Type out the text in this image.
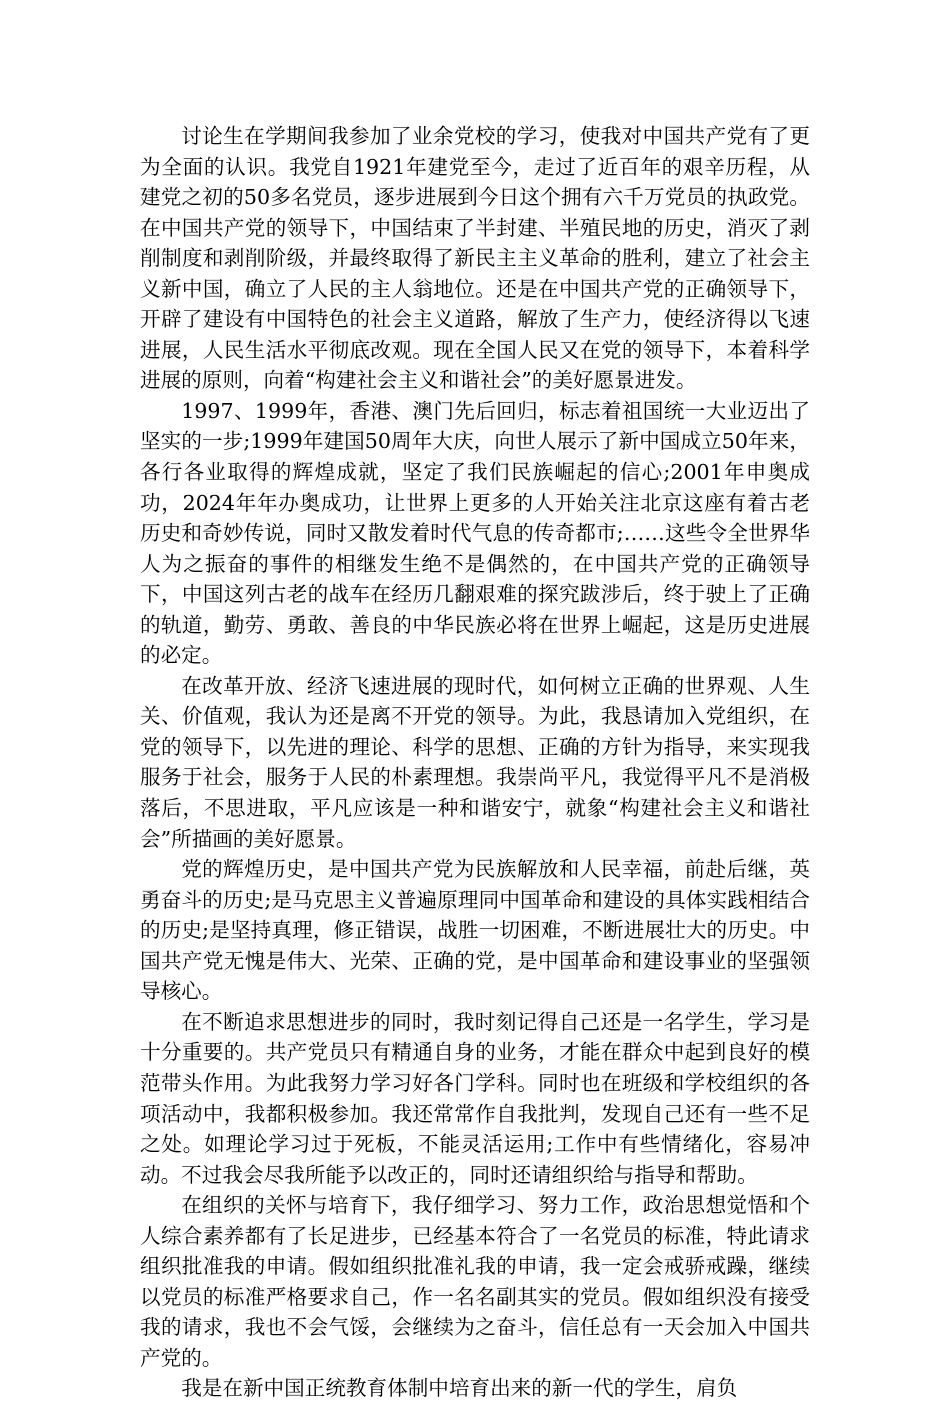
讨论生在学期间我参加了业余党校的学习，使我对中国共产党有了更为全面的认识。我党自1921年建党至今，走过了近百年的艰辛历程，从建党之初的50多名党员，逐步进展到今日这个拥有六千万党员的执政党。在中国共产党的领导下，中国结束了半封建、半殖民地的历史，消灭了剥削制度和剥削阶级，并最终取得了新民主主义革命的胜利，建立了社会主义新中国，确立了人民的主人翁地位。还是在中国共产党的正确领导下，开辟了建设有中国特色的社会主义道路，解放了生产力，使经济得以飞速进展，人民生活水平彻底改观。现在全国人民又在党的领导下，本着科学进展的原则，向着“构建社会主义和谐社会”的美好愿景进发。

1997、1999年，香港、澳门先后回归，标志着祖国统一大业迈出了坚实的一步;1999年建国50周年大庆，向世人展示了新中国成立50年来，各行各业取得的辉煌成就，坚定了我们民族崛起的信心;2001年申奥成功，2024年年办奥成功，让世界上更多的人开始关注北京这座有着古老历史和奇妙传说，同时又散发着时代气息的传奇都市;……这些令全世界华人为之振奋的事件的相继发生绝不是偶然的，在中国共产党的正确领导下，中国这列古老的战车在经历几翻艰难的探究跋涉后，终于驶上了正确的轨道，勤劳、勇敢、善良的中华民族必将在世界上崛起，这是历史进展的必定。

在改革开放、经济飞速进展的现时代，如何树立正确的世界观、人生关、价值观，我认为还是离不开党的领导。为此，我恳请加入党组织，在党的领导下，以先进的理论、科学的思想、正确的方针为指导，来实现我服务于社会，服务于人民的朴素理想。我崇尚平凡，我觉得平凡不是消极落后，不思进取，平凡应该是一种和谐安宁，就象“构建社会主义和谐社会”所描画的美好愿景。

党的辉煌历史，是中国共产党为民族解放和人民幸福，前赴后继，英勇奋斗的历史;是马克思主义普遍原理同中国革命和建设的具体实践相结合的历史;是坚持真理，修正错误，战胜一切困难，不断进展壮大的历史。中国共产党无愧是伟大、光荣、正确的党，是中国革命和建设事业的坚强领导核心。

在不断追求思想进步的同时，我时刻记得自己还是一名学生，学习是十分重要的。共产党员只有精通自身的业务，才能在群众中起到良好的模范带头作用。为此我努力学习好各门学科。同时也在班级和学校组织的各项活动中，我都积极参加。我还常常作自我批判，发现自己还有一些不足之处。如理论学习过于死板，不能灵活运用;工作中有些情绪化，容易冲动。不过我会尽我所能予以改正的，同时还请组织给与指导和帮助。

在组织的关怀与培育下，我仔细学习、努力工作，政治思想觉悟和个人综合素养都有了长足进步，已经基本符合了一名党员的标准，特此请求组织批准我的申请。假如组织批准礼我的申请，我一定会戒骄戒躁，继续以党员的标准严格要求自己，作一名名副其实的党员。假如组织没有接受我的请求，我也不会气馁，会继续为之奋斗，信任总有一天会加入中国共产党的。

我是在新中国正统教育体制中培育出来的新一代的学生，肩负
